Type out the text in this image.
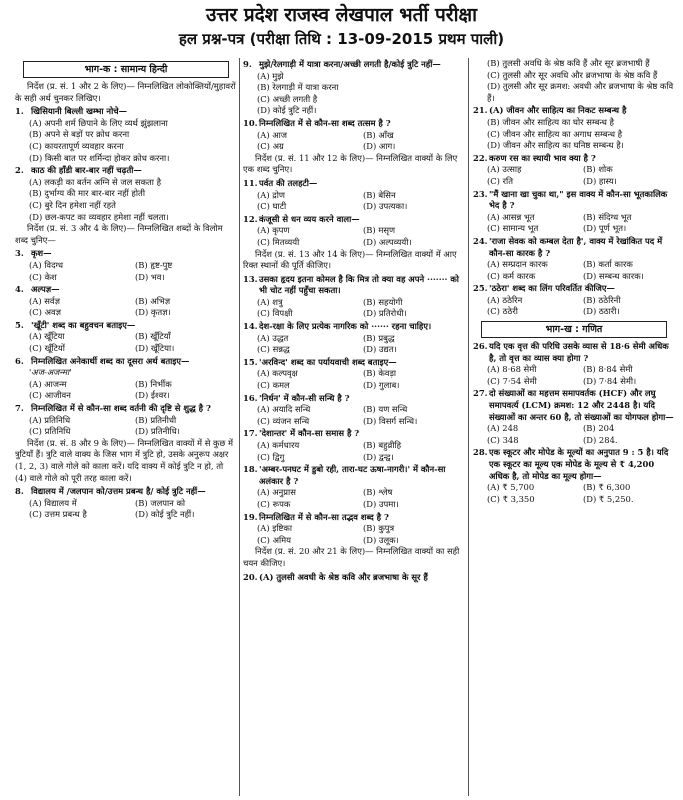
उत्तर प्रदेश राजस्व लेखपाल भर्ती परीक्षा
हल प्रश्न-पत्र (परीक्षा तिथि : 13-09-2015 प्रथम पाली)
भाग-क : सामान्य हिन्दी
निर्देश (प्र. सं. 1 और 2 के लिए)— निम्नलिखित लोकोक्तियों/मुहावरों के सही अर्थ चुनकर लिखिए।
1. खिसियानी बिल्ली खम्भा नोचे—
(A) अपनी शर्म छिपाने के लिए व्यर्थ झुंझलाना
(B) अपने से बड़ों पर क्रोध करना
(C) कायरतापूर्ण व्यवहार करना
(D) किसी बात पर शर्मिन्दा होकर क्रोध करना।
2. काठ की हाँडी बार-बार नहीं चढ़ती—
(A) लकड़ी का बर्तन अग्नि से जल सकता है
(B) दुर्भाग्य की मार बार-बार नहीं होती
(C) बुरे दिन हमेशा नहीं रहते
(D) छल-कपट का व्यवहार हमेशा नहीं चलता।
निर्देश (प्र. सं. 3 और 4 के लिए)— निम्नलिखित शब्दों के विलोम शब्द चुनिए—
3. कृश—
(A) विदग्ध	(B) हृष्ट-पुष्ट
(C) केश	(D) भव।
4. अल्पज्ञ—
(A) सर्वज्ञ	(B) अभिज्ञ
(C) अवज्ञ	(D) कृतज्ञ।
5. 'खूँटी' शब्द का बहुवचन बताइए—
(A) खूँटिया	(B) खूँटियाँ
(C) खूँटियों	(D) खूँटिया।
6. निम्नलिखित अनेकार्थी शब्द का दूसरा अर्थ बताइए—
'अज-अजन्मा'
(A) आजन्म	(B) निर्भीक
(C) आजीवन	(D) ईश्वर।
7. निम्नलिखित में से कौन-सा शब्द वर्तनी की दृष्टि से शुद्ध है ?
(A) प्रतिनिधि	(B) प्रतिनीधी
(C) प्रतिनिधि	(D) प्रतिनीधि।
निर्देश (प्र. सं. 8 और 9 के लिए)— निम्नलिखित वाक्यों में से कुछ में त्रुटियाँ हैं। त्रुटि वाले वाक्य के जिस भाग में त्रुटि हो, उसके अनुरूप अक्षर (1, 2, 3) वाले गोले को काला करें। यदि वाक्य में कोई त्रुटि न हो, तो (4) वाले गोले को पूरी तरह काला करें।
8. विद्यालय में /जलपान को/उत्तम प्रबन्ध है/ कोई त्रुटि नहीं—
(A) विद्यालय में	(B) जलपान को
(C) उत्तम प्रबन्ध है	(D) कोई त्रुटि नहीं।
9. मुझे/रेलगाड़ी में यात्रा करना/अच्छी लगती है/कोई त्रुटि नहीं—
(A) मुझे
(B) रेलगाड़ी में यात्रा करना
(C) अच्छी लगती है
(D) कोई त्रुटि नहीं।
10. निम्नलिखित में से कौन-सा शब्द तत्सम है ?
(A) आज	(B) आँख
(C) अग्र	(D) आग।
निर्देश (प्र. सं. 11 और 12 के लिए)— निम्नलिखित वाक्यों के लिए एक शब्द चुनिए।
11. पर्वत की तलहटी—
(A) द्रोण	(B) बेसिन
(C) घाटी	(D) उपत्यका।
12. कंजूसी से धन व्यय करने वाला—
(A) कृपण	(B) मसृण
(C) मितव्ययी	(D) अल्पव्ययी।
निर्देश (प्र. सं. 13 और 14 के लिए)— निम्नलिखित वाक्यों में आए रिक्त स्थानों की पूर्ति कीजिए।
13. उसका हृदय इतना कोमल है कि मित्र तो क्या वह अपने ······· को भी चोट नहीं पहुँचा सकता।
(A) शत्रु	(B) सहयोगी
(C) विपक्षी	(D) प्रतिरोधी।
14. देश-रक्षा के लिए प्रत्येक नागरिक को ······ रहना चाहिए।
(A) उद्धत	(B) प्रबुद्ध
(C) सन्नद्ध	(D) उद्यत।
15. 'अरविन्द' शब्द का पर्यायवाची शब्द बताइए—
(A) कल्पवृक्ष	(B) केवड़ा
(C) कमल	(D) गुलाब।
16. 'निर्धन' में कौन-सी सन्धि है ?
(A) अयादि सन्धि	(B) यण सन्धि
(C) व्यंजन सन्धि	(D) विसर्ग सन्धि।
17. 'देशान्तर' में कौन-सा समास है ?
(A) कर्मधारय	(B) बहुव्रीहि
(C) द्विगु	(D) द्वन्द्व।
18. 'अम्बर-पनघट में डुबो रही, तारा-घट ऊषा-नागरी।' में कौन-सा अलंकार है ?
(A) अनुप्रास	(B) श्लेष
(C) रूपक	(D) उपमा।
19. निम्नलिखित में से कौन-सा तद्भव शब्द है ?
(A) इष्टिका	(B) कुपुत्र
(C) अमिय	(D) उलूक।
निर्देश (प्र. सं. 20 और 21 के लिए)— निम्नलिखित वाक्यों का सही चयन कीजिए।
20. (A) तुलसी अवधी के श्रेष्ठ कवि और ब्रजभाषा के सूर हैं
(B) तुलसी अवधि के श्रेष्ठ कवि हैं और सूर ब्रजभाषी हैं
(C) तुलसी और सूर अवधि और ब्रजभाषा के श्रेष्ठ कवि हैं
(D) तुलसी और सूर क्रमश: अवधी और ब्रजभाषा के श्रेष्ठ कवि हैं।
21. (A) जीवन और साहित्य का निकट सम्बन्ध है
(B) जीवन और साहित्य का घोर सम्बन्ध है
(C) जीवन और साहित्य का अगाध सम्बन्ध है
(D) जीवन और साहित्य का घनिष्ठ सम्बन्ध है।
22. करुण रस का स्थायी भाव क्या है ?
(A) उत्साह	(B) शोक
(C) रति	(D) हास्य।
23. "मैं खाना खा चुका था," इस वाक्य में कौन-सा भूतकालिक भेद है ?
(A) आसन्न भूत	(B) संदिग्ध भूत
(C) सामान्य भूत	(D) पूर्ण भूत।
24. 'राजा सेवक को कम्बल देता है', वाक्य में रेखांकित पद में कौन-सा कारक है ?
(A) सम्प्रदान कारक	(B) कर्ता कारक
(C) कर्म कारक	(D) सम्बन्ध कारक।
25. 'ठठेरा' शब्द का लिंग परिवर्तित कीजिए—
(A) ठठेरिन	(B) ठठेरिनी
(C) ठठेरी	(D) ठठारी।
भाग-ख : गणित
26. यदि एक वृत्त की परिधि उसके व्यास से 18·6 सेमी अधिक है, तो वृत्त का व्यास क्या होगा ?
(A) 8·68 सेमी	(B) 8·84 सेमी
(C) 7·54 सेमी	(D) 7·84 सेमी।
27. दो संख्याओं का महत्तम समापवर्तक (HCF) और लघु समापवर्त्य (LCM) क्रमश: 12 और 2448 है। यदि संख्याओं का अन्तर 60 है, तो संख्याओं का योगफल होगा—
(A) 248	(B) 204
(C) 348	(D) 284.
28. एक स्कूटर और मोपेड के मूल्यों का अनुपात 9 : 5 है। यदि एक स्कूटर का मूल्य एक मोपेड के मूल्य से ₹ 4,200 अधिक है, तो मोपेड का मूल्य होगा—
(A) ₹ 5,700	(B) ₹ 6,300
(C) ₹ 3,350	(D) ₹ 5,250.
